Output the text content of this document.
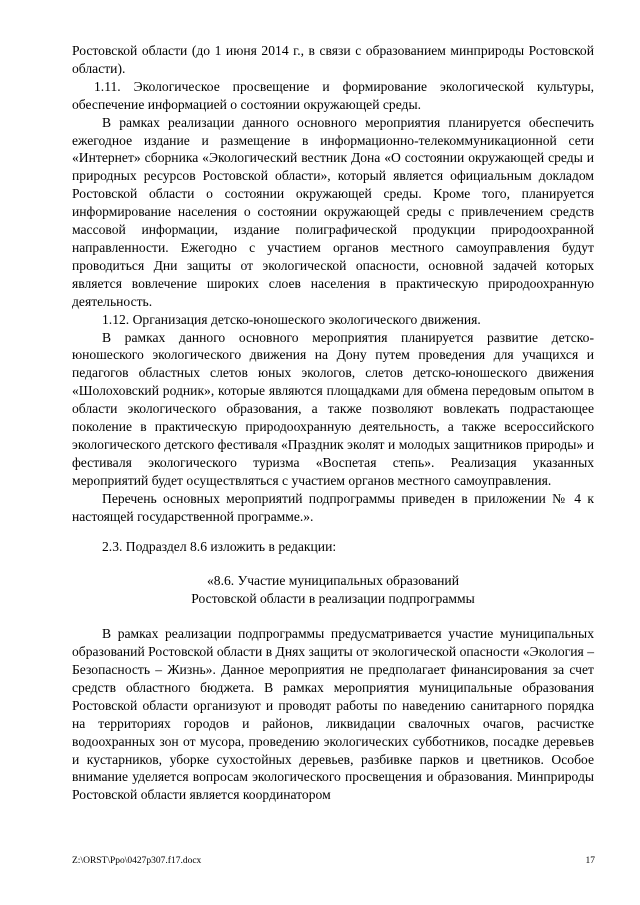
Ростовской области (до 1 июня 2014 г., в связи с образованием минприроды Ростовской области).

1.11. Экологическое просвещение и формирование экологической культуры, обеспечение информацией о состоянии окружающей среды.

В рамках реализации данного основного мероприятия планируется обеспечить ежегодное издание и размещение в информационно-телекоммуникационной сети «Интернет» сборника «Экологический вестник Дона «О состоянии окружающей среды и природных ресурсов Ростовской области», который является официальным докладом Ростовской области о состоянии окружающей среды. Кроме того, планируется информирование населения о состоянии окружающей среды с привлечением средств массовой информации, издание полиграфической продукции природоохранной направленности. Ежегодно с участием органов местного самоуправления будут проводиться Дни защиты от экологической опасности, основной задачей которых является вовлечение широких слоев населения в практическую природоохранную деятельность.

1.12. Организация детско-юношеского экологического движения.

В рамках данного основного мероприятия планируется развитие детско-юношеского экологического движения на Дону путем проведения для учащихся и педагогов областных слетов юных экологов, слетов детско-юношеского движения «Шолоховский родник», которые являются площадками для обмена передовым опытом в области экологического образования, а также позволяют вовлекать подрастающее поколение в практическую природоохранную деятельность, а также всероссийского экологического детского фестиваля «Праздник эколят и молодых защитников природы» и фестиваля экологического туризма «Воспетая степь». Реализация указанных мероприятий будет осуществляться с участием органов местного самоуправления.

Перечень основных мероприятий подпрограммы приведен в приложении № 4 к настоящей государственной программе.».

2.3. Подраздел 8.6 изложить в редакции:

«8.6. Участие муниципальных образований

Ростовской области в реализации подпрограммы

В рамках реализации подпрограммы предусматривается участие муниципальных образований Ростовской области в Днях защиты от экологической опасности «Экология – Безопасность – Жизнь». Данное мероприятия не предполагает финансирования за счет средств областного бюджета. В рамках мероприятия муниципальные образования Ростовской области организуют и проводят работы по наведению санитарного порядка на территориях городов и районов, ликвидации свалочных очагов, расчистке водоохранных зон от мусора, проведению экологических субботников, посадке деревьев и кустарников, уборке сухостойных деревьев, разбивке парков и цветников. Особое внимание уделяется вопросам экологического просвещения и образования. Минприроды Ростовской области является координатором

Z:\ORST\Ppo\0427p307.f17.docx	17
